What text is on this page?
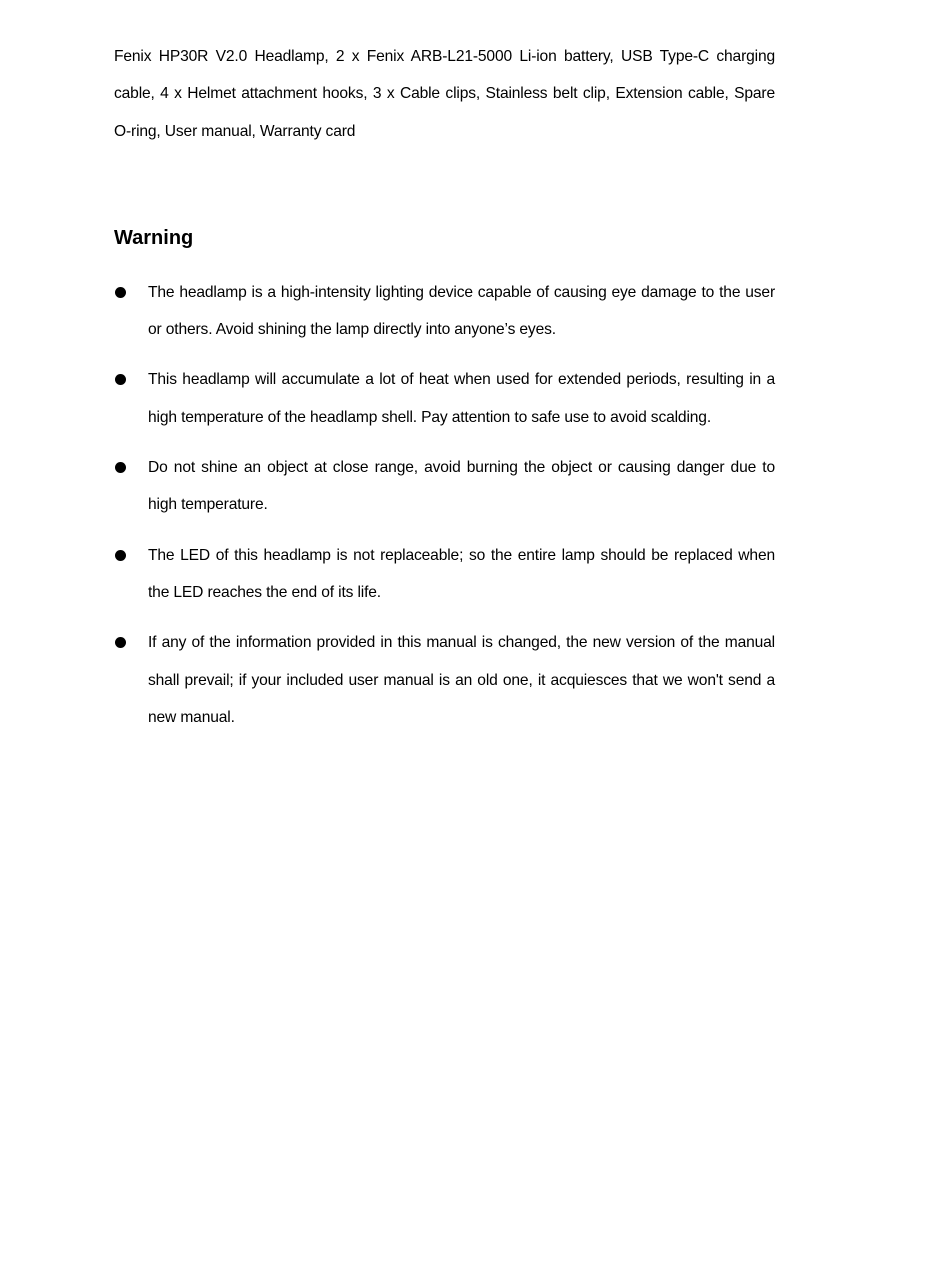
Fenix HP30R V2.0 Headlamp, 2 x Fenix ARB-L21-5000 Li-ion battery, USB Type-C charging cable, 4 x Helmet attachment hooks, 3 x Cable clips, Stainless belt clip, Extension cable, Spare O-ring, User manual, Warranty card

Warning
The headlamp is a high-intensity lighting device capable of causing eye damage to the user or others. Avoid shining the lamp directly into anyone’s eyes.
This headlamp will accumulate a lot of heat when used for extended periods, resulting in a high temperature of the headlamp shell. Pay attention to safe use to avoid scalding.
Do not shine an object at close range, avoid burning the object or causing danger due to high temperature.
The LED of this headlamp is not replaceable; so the entire lamp should be replaced when the LED reaches the end of its life.
If any of the information provided in this manual is changed, the new version of the manual shall prevail; if your included user manual is an old one, it acquiesces that we won't send a new manual.
